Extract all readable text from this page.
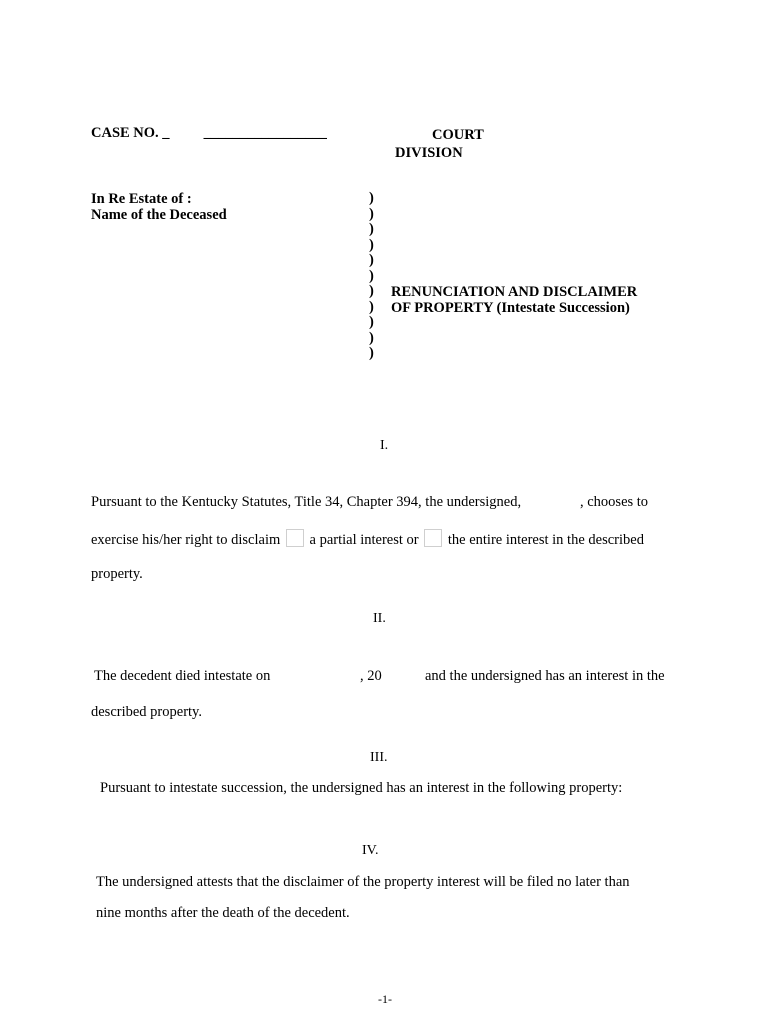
CASE NO. _ _________________	COURT
DIVISION
In Re Estate of :
Name of the Deceased
)
)
)
)
)
)
)
)
)
)
)
RENUNCIATION AND DISCLAIMER
OF PROPERTY (Intestate Succession)
I.
Pursuant to the Kentucky Statutes, Title 34, Chapter 394, the undersigned,	, chooses to
exercise his/her right to disclaim a partial interest or the entire interest in the described
property.
II.
The decedent died intestate on	, 20	and the undersigned has an interest in the
described property.
III.
Pursuant to intestate succession, the undersigned has an interest in the following property:
IV.
The undersigned attests that the disclaimer of the property interest will be filed no later than
nine months after the death of the decedent.
-1-
